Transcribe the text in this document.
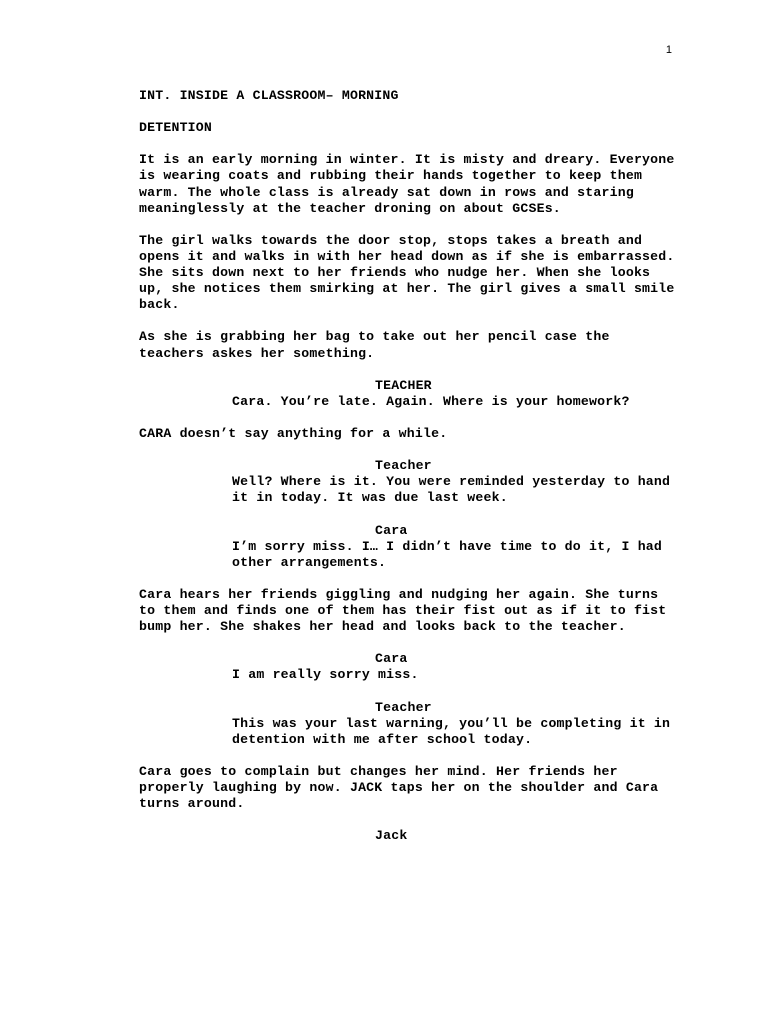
1

INT. INSIDE A CLASSROOM– MORNING

DETENTION

It is an early morning in winter. It is misty and dreary. Everyone is wearing coats and rubbing their hands together to keep them warm. The whole class is already sat down in rows and staring meaninglessly at the teacher droning on about GCSEs.

The girl walks towards the door stop, stops takes a breath and opens it and walks in with her head down as if she is embarrassed. She sits down next to her friends who nudge her. When she looks up, she notices them smirking at her. The girl gives a small smile back.

As she is grabbing her bag to take out her pencil case the teachers askes her something.

TEACHER

Cara. You’re late. Again. Where is your homework?

CARA doesn’t say anything for a while.

Teacher

Well? Where is it. You were reminded yesterday to hand it in today. It was due last week.

Cara

I’m sorry miss. I… I didn’t have time to do it, I had other arrangements.

Cara hears her friends giggling and nudging her again. She turns to them and finds one of them has their fist out as if it to fist bump her. She shakes her head and looks back to the teacher.

Cara

I am really sorry miss.

Teacher

This was your last warning, you’ll be completing it in detention with me after school today.

Cara goes to complain but changes her mind. Her friends her properly laughing by now. JACK taps her on the shoulder and Cara turns around.

Jack
